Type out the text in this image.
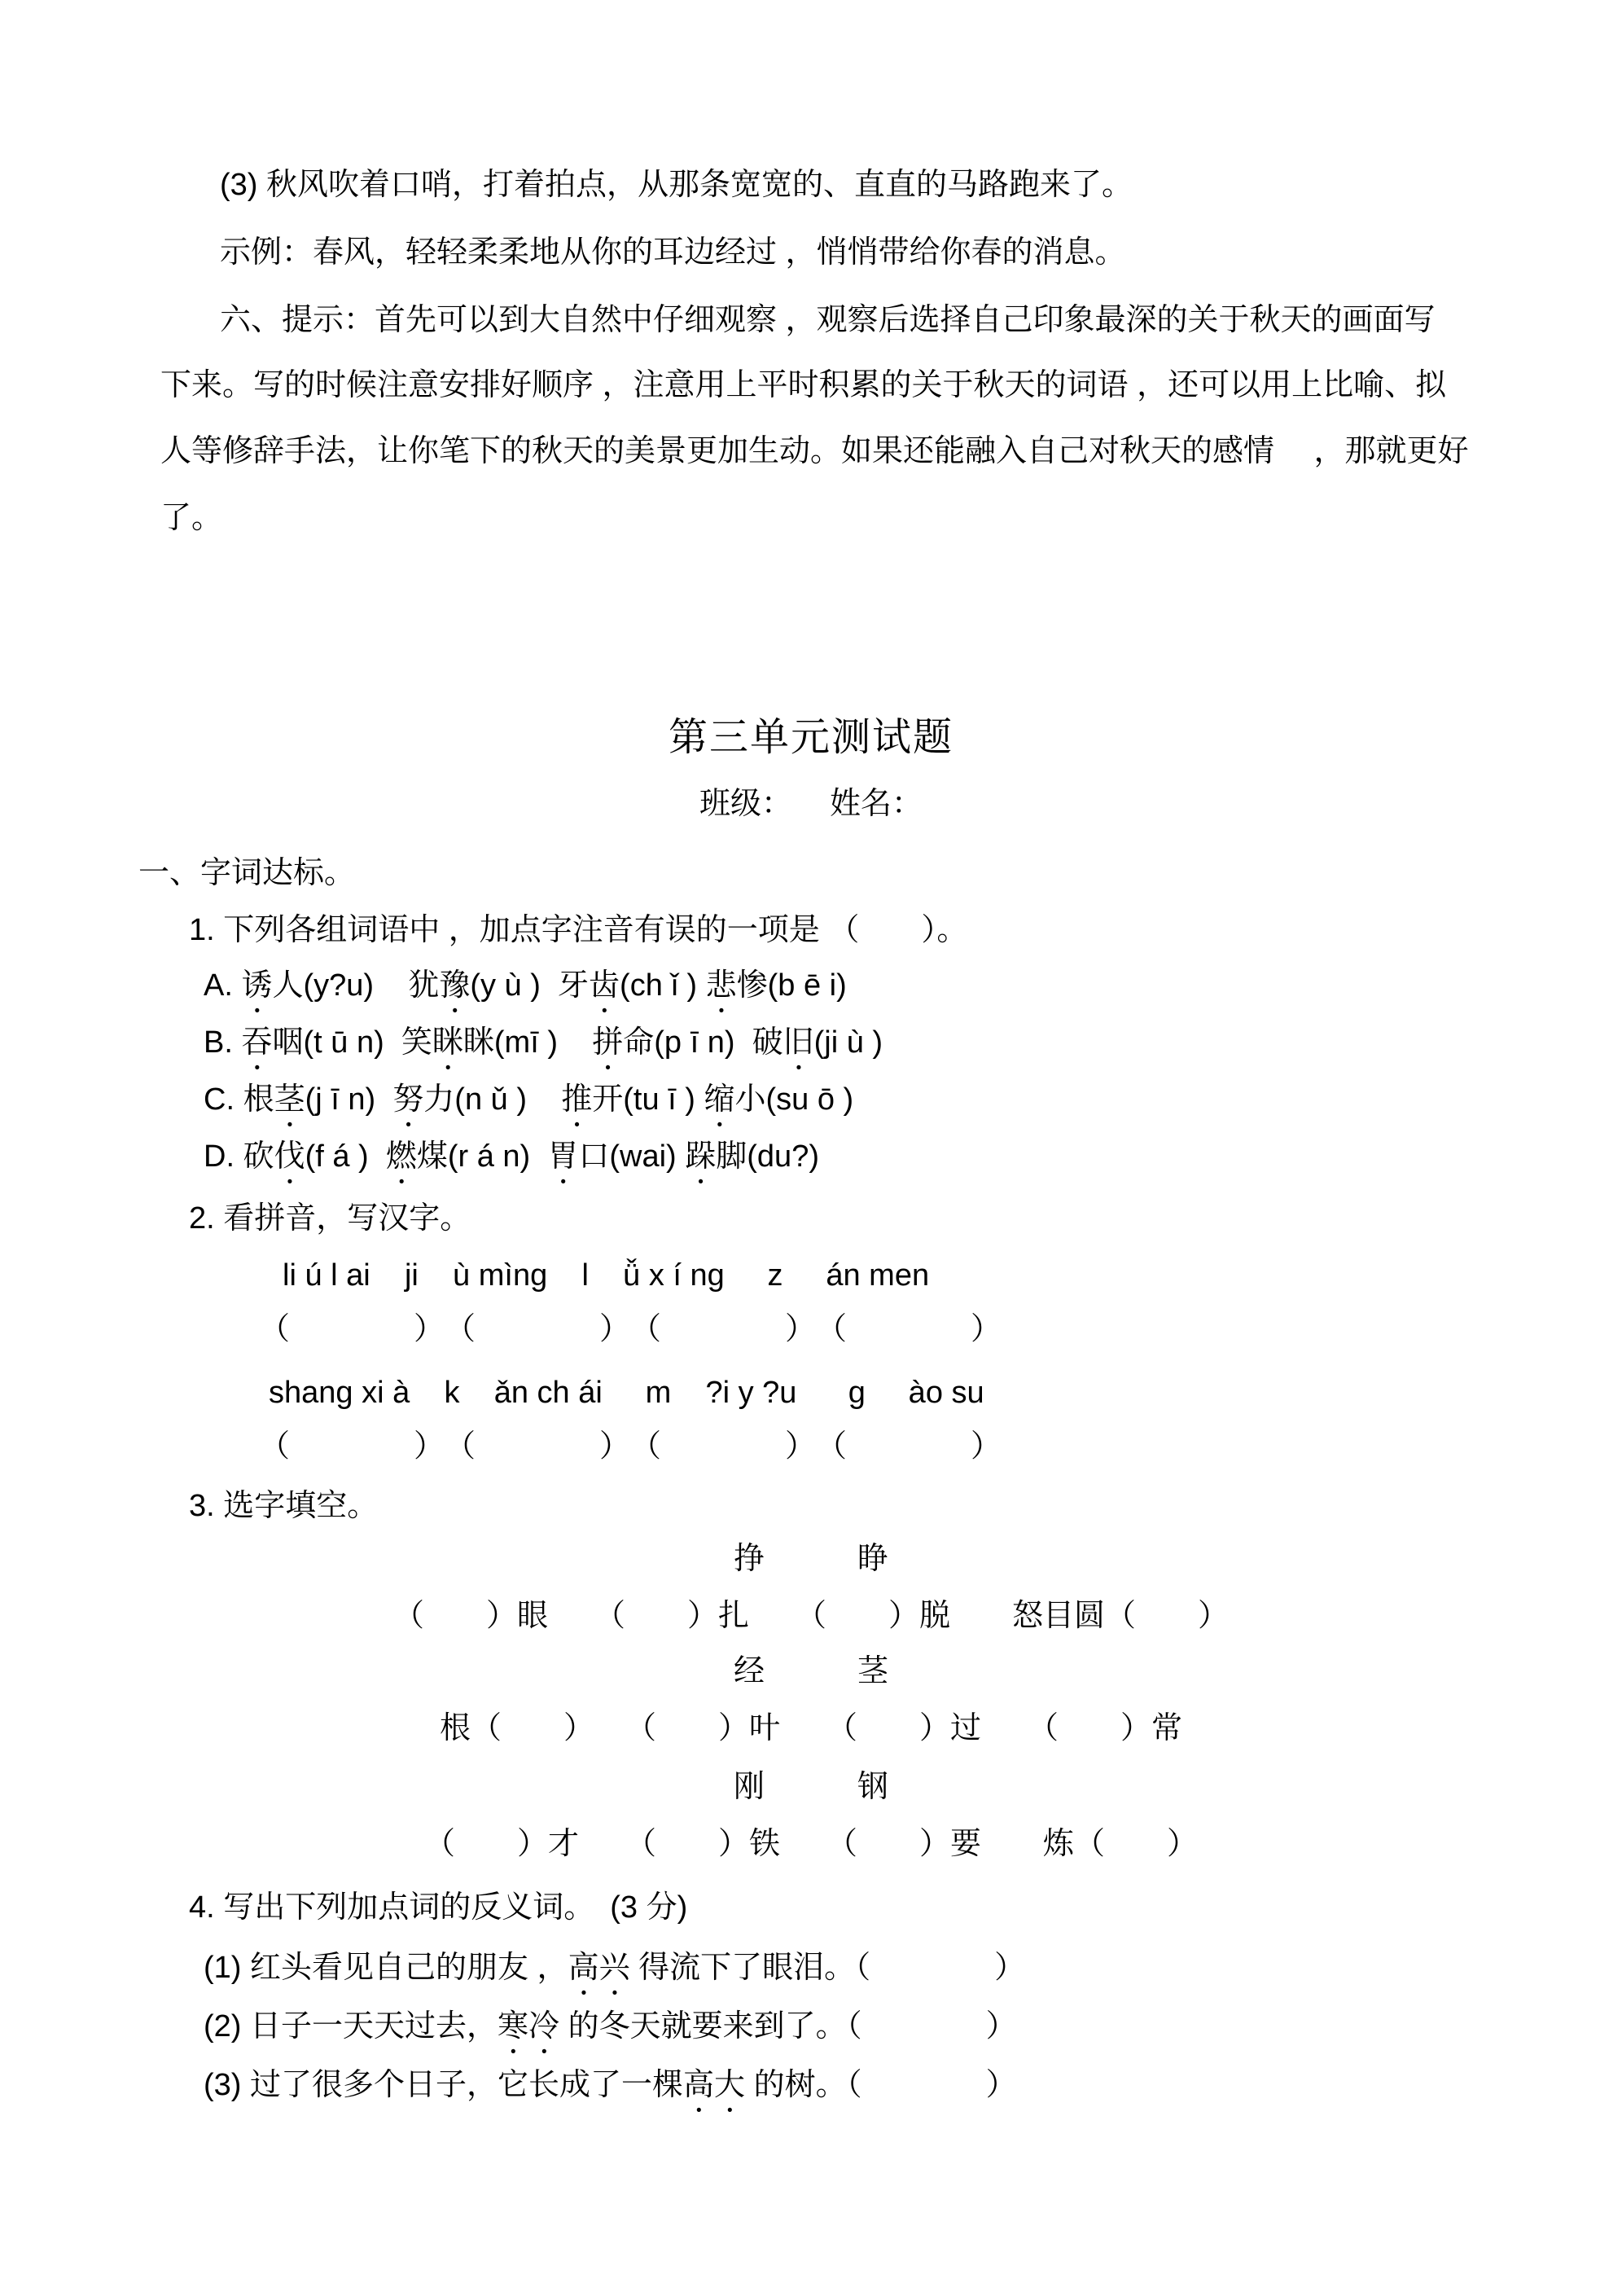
(3) 秋风吹着口哨，打着拍点，从那条宽宽的、直直的马路跑来了。
示例：春风，轻轻柔柔地从你的耳边经过 ，悄悄带给你春的消息。
六、提示：首先可以到大自然中仔细观察 ，观察后选择自己印象最深的关于秋天的画面写
下来。写的时候注意安排好顺序 ，注意用上平时积累的关于秋天的词语 ，还可以用上比喻、拟
人等修辞手法，让你笔下的秋天的美景更加生动。如果还能融入自己对秋天的感情　 ，那就更好
了。
第三单元测试题
班级： 姓名：
一、字词达标。
1. 下列各组词语中 ，加点字注音有误的一项是 （　　）。
A. 诱人(y?u) 犹豫(y ù ) 牙齿(ch ǐ ) 悲惨(b ē i)
B. 吞咽(t ū n) 笑眯眯(mī ) 拼命(p ī n) 破旧(ji ù )
C. 根茎(j ī n) 努力(n ǔ ) 推开(tu ī ) 缩小(su ō )
D. 砍伐(f á ) 燃煤(r á n) 胃口(wai) 跺脚(du?)
2. 看拼音，写汉字。
li ú l ai    ji    ù mìng    l    ǚ x í ng     z     án men
（　　　　）　（　　　　）　（　　　　）　（　　　　）
shang xi à    k    ǎn ch ái     m    ?i y ?u      g     ào su
（　　　　）　（　　　　）　（　　　　）　（　　　　）
3. 选字填空。
挣　　　睁
（　　）眼　　（　　）扎　　（　　）脱　　怒目圆（　　）
经　　　茎
根（　　）　　（　　）叶　　（　　）过　　（　　）常
刚　　　钢
（　　）才　　（　　）铁　　（　　）要　　炼（　　）
4. 写出下列加点词的反义词。　(3 分)
(1) 红头看见自己的朋友 ，高兴 得流下了眼泪。（　　　　）
(2) 日子一天天过去，寒冷 的冬天就要来到了。（　　　　）
(3) 过了很多个日子，它长成了一棵高大 的树。（　　　　）
